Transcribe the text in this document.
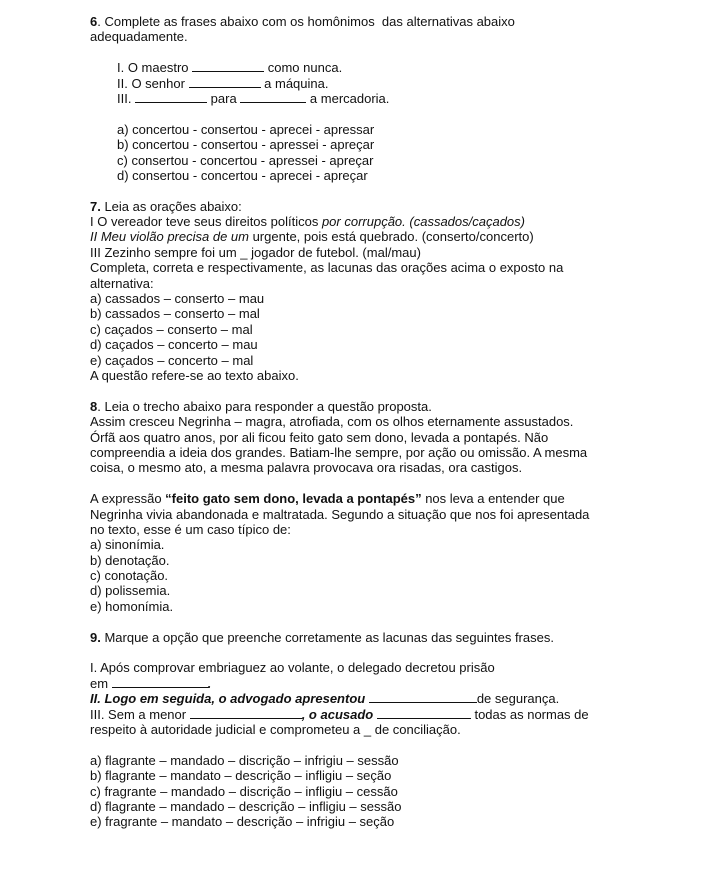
6. Complete as frases abaixo com os homônimos  das alternativas abaixo
adequadamente.
I. O maestro	como nunca.
II. O senhor	a máquina.
III.	para	a mercadoria.
a) concertou - consertou - aprecei - apressar
b) concertou - consertou - apressei - apreçar
c) consertou - concertou - apressei - apreçar
d) consertou - concertou - aprecei - apreçar
7. Leia as orações abaixo:
I O vereador teve seus direitos políticos por corrupção. (cassados/caçados)
II Meu violão precisa de um urgente, pois está quebrado. (conserto/concerto)
III Zezinho sempre foi um _ jogador de futebol. (mal/mau)
Completa, correta e respectivamente, as lacunas das orações acima o exposto na
alternativa:
a) cassados – conserto – mau
b) cassados – conserto – mal
c) caçados – conserto – mal
d) caçados – concerto – mau
e) caçados – concerto – mal
A questão refere-se ao texto abaixo.
8. Leia o trecho abaixo para responder a questão proposta.
Assim cresceu Negrinha – magra, atrofiada, com os olhos eternamente assustados.
Órfã aos quatro anos, por ali ficou feito gato sem dono, levada a pontapés. Não
compreendia a ideia dos grandes. Batiam-lhe sempre, por ação ou omissão. A mesma
coisa, o mesmo ato, a mesma palavra provocava ora risadas, ora castigos.
A expressão “feito gato sem dono, levada a pontapés” nos leva a entender que
Negrinha vivia abandonada e maltratada. Segundo a situação que nos foi apresentada
no texto, esse é um caso típico de:
a) sinonímia.
b) denotação.
c) conotação.
d) polissemia.
e) homonímia.
9. Marque a opção que preenche corretamente as lacunas das seguintes frases.
I. Após comprovar embriaguez ao volante, o delegado decretou prisão
em	.
II. Logo em seguida, o advogado apresentou	de segurança.
III. Sem a menor	, o acusado	todas as normas de
respeito à autoridade judicial e comprometeu a _ de conciliação.
a) flagrante – mandado – discrição – infrigiu – sessão
b) flagrante – mandato – descrição – infligiu – seção
c) fragrante – mandado – discrição – infligiu – cessão
d) flagrante – mandado – descrição – infligiu – sessão
e) fragrante – mandato – descrição – infrigiu – seção
